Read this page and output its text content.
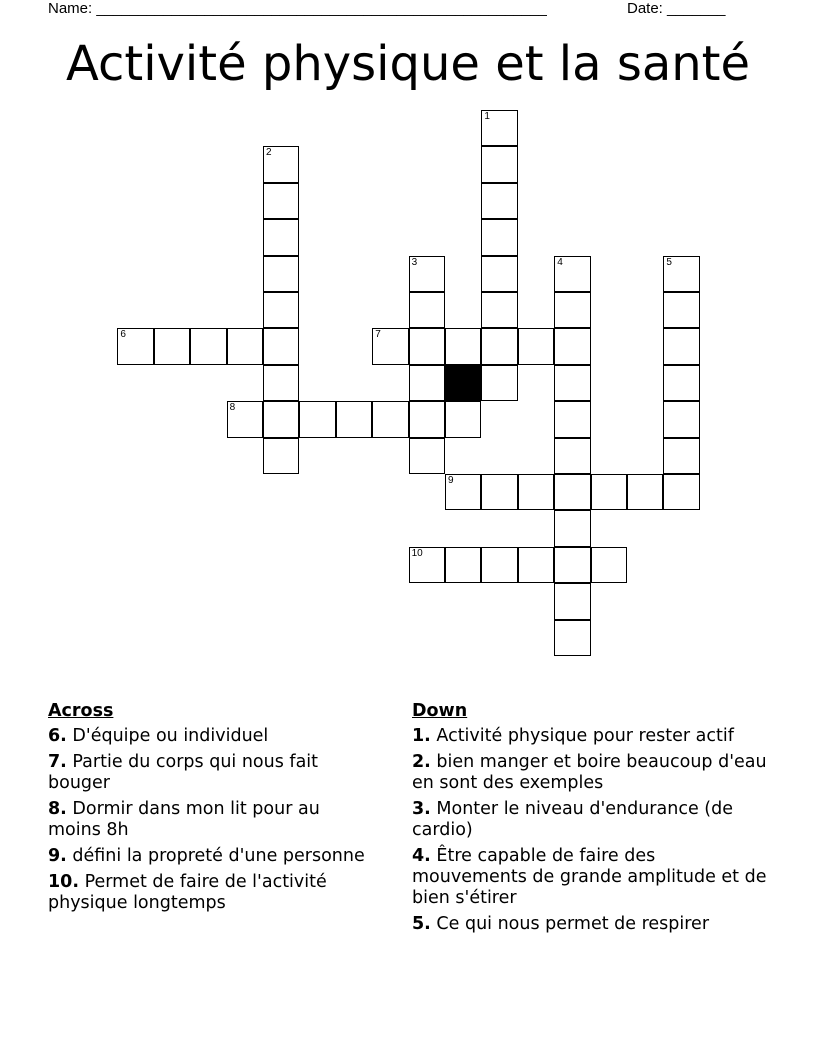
Name: ______________________________________________________	Date: _______
Activité physique et la santé
1
2
3	4	5
6	7
8
9
10
Across
6. D'équipe ou individuel
7. Partie du corps qui nous fait bouger
8. Dormir dans mon lit pour au moins 8h
9. défini la propreté d'une personne
10. Permet de faire de l'activité physique longtemps
Down
1. Activité physique pour rester actif
2. bien manger et boire beaucoup d'eau en sont des exemples
3. Monter le niveau d'endurance (de cardio)
4. Être capable de faire des mouvements de grande amplitude et de bien s'étirer
5. Ce qui nous permet de respirer
